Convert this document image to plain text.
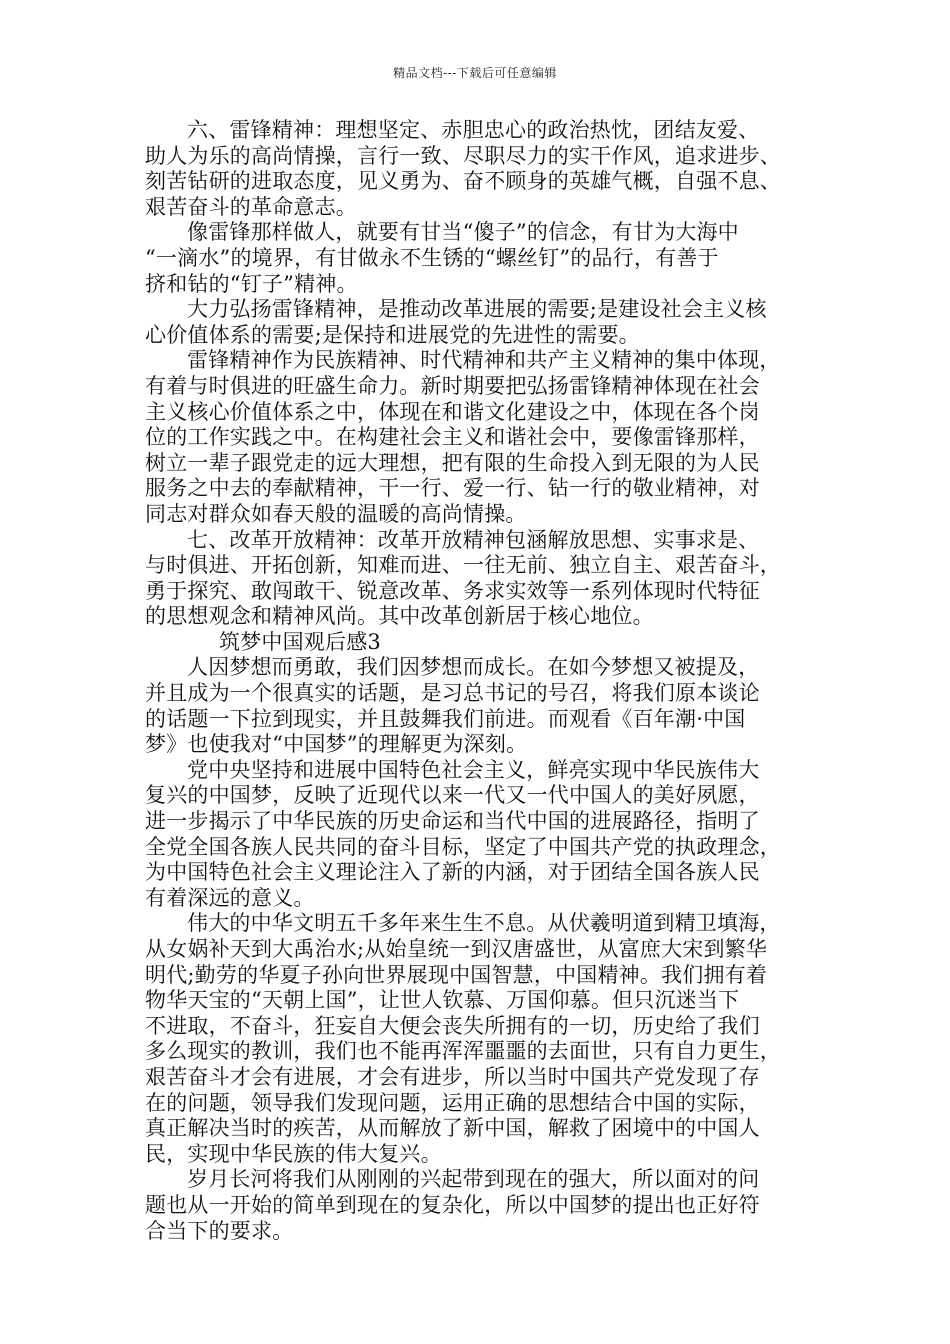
精品文档---下载后可任意编辑
六、雷锋精神：理想坚定、赤胆忠心的政治热忱，团结友爱、
助人为乐的高尚情操，言行一致、尽职尽力的实干作风，追求进步、
刻苦钻研的进取态度，见义勇为、奋不顾身的英雄气概，自强不息、
艰苦奋斗的革命意志。
像雷锋那样做人，就要有甘当“傻子”的信念，有甘为大海中
“一滴水”的境界，有甘做永不生锈的“螺丝钉”的品行，有善于
挤和钻的“钉子”精神。
大力弘扬雷锋精神，是推动改革进展的需要;是建设社会主义核
心价值体系的需要;是保持和进展党的先进性的需要。
雷锋精神作为民族精神、时代精神和共产主义精神的集中体现，
有着与时俱进的旺盛生命力。新时期要把弘扬雷锋精神体现在社会
主义核心价值体系之中，体现在和谐文化建设之中，体现在各个岗
位的工作实践之中。在构建社会主义和谐社会中，要像雷锋那样，
树立一辈子跟党走的远大理想，把有限的生命投入到无限的为人民
服务之中去的奉献精神，干一行、爱一行、钻一行的敬业精神，对
同志对群众如春天般的温暖的高尚情操。
七、改革开放精神：改革开放精神包涵解放思想、实事求是、
与时俱进、开拓创新，知难而进、一往无前、独立自主、艰苦奋斗，
勇于探究、敢闯敢干、锐意改革、务求实效等一系列体现时代特征
的思想观念和精神风尚。其中改革创新居于核心地位。
筑梦中国观后感3
人因梦想而勇敢，我们因梦想而成长。在如今梦想又被提及，
并且成为一个很真实的话题，是习总书记的号召，将我们原本谈论
的话题一下拉到现实，并且鼓舞我们前进。而观看《百年潮·中国
梦》也使我对“中国梦”的理解更为深刻。
党中央坚持和进展中国特色社会主义，鲜亮实现中华民族伟大
复兴的中国梦，反映了近现代以来一代又一代中国人的美好夙愿，
进一步揭示了中华民族的历史命运和当代中国的进展路径，指明了
全党全国各族人民共同的奋斗目标，坚定了中国共产党的执政理念，
为中国特色社会主义理论注入了新的内涵，对于团结全国各族人民
有着深远的意义。
伟大的中华文明五千多年来生生不息。从伏羲明道到精卫填海，
从女娲补天到大禹治水;从始皇统一到汉唐盛世，从富庶大宋到繁华
明代;勤劳的华夏子孙向世界展现中国智慧，中国精神。我们拥有着
物华天宝的“天朝上国”，让世人钦慕、万国仰慕。但只沉迷当下
不进取，不奋斗，狂妄自大便会丧失所拥有的一切，历史给了我们
多么现实的教训，我们也不能再浑浑噩噩的去面世，只有自力更生，
艰苦奋斗才会有进展，才会有进步，所以当时中国共产党发现了存
在的问题，领导我们发现问题，运用正确的思想结合中国的实际，
真正解决当时的疾苦，从而解放了新中国，解救了困境中的中国人
民，实现中华民族的伟大复兴。
岁月长河将我们从刚刚的兴起带到现在的强大，所以面对的问
题也从一开始的简单到现在的复杂化，所以中国梦的提出也正好符
合当下的要求。
